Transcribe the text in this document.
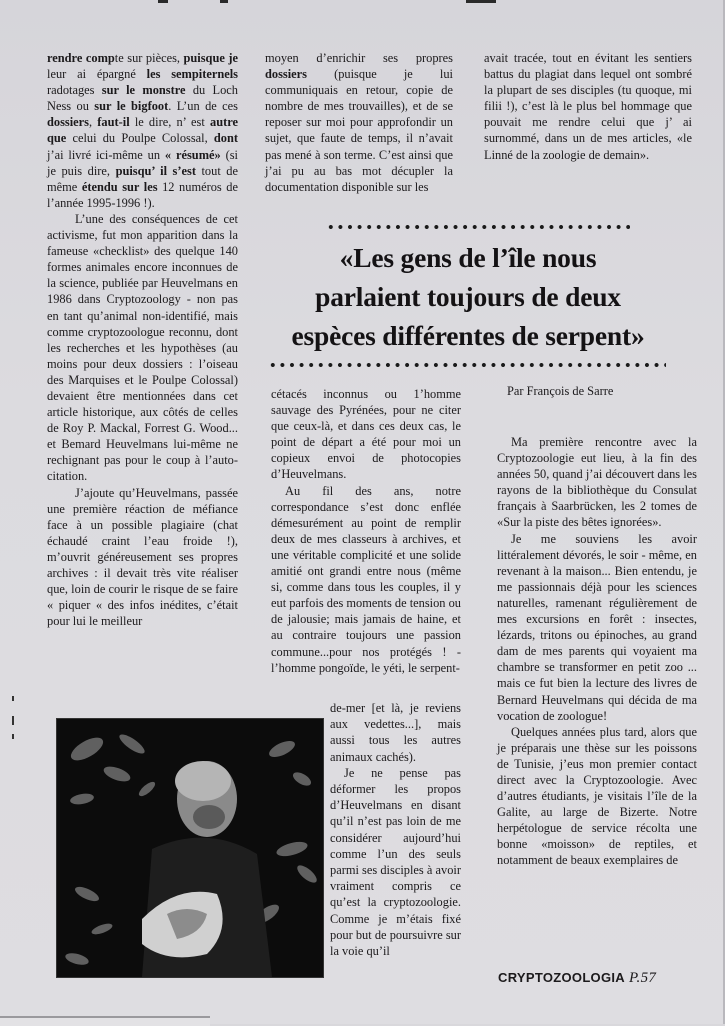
rendre compte sur pièces, puisque je leur ai épargné les sempiternels radotages sur le monstre du Loch Ness ou sur le bigfoot. L’un de ces dossiers, faut-il le dire, n’ est autre que celui du Poulpe Colossal, dont j’ai livré ici-même un « résumé» (si je puis dire, puisqu’ il s’est tout de même étendu sur les 12 numéros de l’année 1995-1996 !).

L’une des conséquences de cet activisme, fut mon apparition dans la fameuse «checklist» des quelque 140 formes animales encore inconnues de la science, publiée par Heuvelmans en 1986 dans Cryptozoology - non pas en tant qu’animal non-identifié, mais comme cryptozoologue reconnu, dont les recherches et les hypothèses (au moins pour deux dossiers : l’oiseau des Marquises et le Poulpe Colossal) devaient être mentionnées dans cet article historique, aux côtés de celles de Roy P. Mackal, Forrest G. Wood... et Bemard Heuvelmans lui-même ne rechignant pas pour le coup à l’auto-citation.

J’ajoute qu’Heuvelmans, passée une première réaction de méfiance face à un possible plagiaire (chat échaudé craint l’eau froide !), m’ouvrit généreusement ses propres archives : il devait très vite réaliser que, loin de courir le risque de se faire « piquer « des infos inédites, c’était pour lui le meilleur

moyen d’enrichir ses propres dossiers (puisque je lui communiquais en retour, copie de nombre de mes trouvailles), et de se reposer sur moi pour approfondir un sujet, que faute de temps, il n’avait pas mené à son terme. C’est ainsi que j’ai pu au bas mot décupler la documentation disponible sur les

avait tracée, tout en évitant les sentiers battus du plagiat dans lequel ont sombré la plupart de ses disciples (tu quoque, mi filii !), c’est là le plus bel hommage que pouvait me rendre celui que j’ ai surnommé, dans un de mes articles, «le Linné de la zoologie de demain».

«Les gens de l’île nous
parlaient toujours de deux
espèces différentes de serpent»
Par François de Sarre

cétacés inconnus ou 1’homme sauvage des Pyrénées, pour ne citer que ceux-là, et dans ces deux cas, le point de départ a été pour moi un copieux envoi de photocopies d’Heuvelmans.

Au fil des ans, notre correspondance s’est donc enflée démesurément au point de remplir deux de mes classeurs à archives, et une véritable complicité et une solide amitié ont grandi entre nous (même si, comme dans tous les couples, il y eut parfois des moments de tension ou de jalousie; mais jamais de haine, et au contraire toujours une passion commune...pour nos protégés ! - l’homme pongoïde, le yéti, le serpent-

de-mer [et là, je reviens aux vedettes...], mais aussi tous les autres animaux cachés).

Je ne pense pas déformer les propos d’Heuvelmans en disant qu’il n’est pas loin de me considérer aujourd’hui comme l’un des seuls parmi ses disciples à avoir vraiment compris ce qu’est la cryptozoologie. Comme je m’étais fixé pour but de poursuivre sur la voie qu’il

Ma première rencontre avec la Cryptozoologie eut lieu, à la fin des années 50, quand j’ai découvert dans les rayons de la bibliothèque du Consulat français à Saarbrücken, les 2 tomes de «Sur la piste des bêtes ignorées».

Je me souviens les avoir littéralement dévorés, le soir - même, en revenant à la maison... Bien entendu, je me passionnais déjà pour les sciences naturelles, ramenant régulièrement de mes excursions en forêt : insectes, lézards, tritons ou épinoches, au grand dam de mes parents qui voyaient ma chambre se transformer en petit zoo ... mais ce fut bien la lecture des livres de Bernard Heuvelmans qui décida de ma vocation de zoologue!

Quelques années plus tard, alors que je préparais une thèse sur les poissons de Tunisie, j’eus mon premier contact direct avec la Cryptozoologie. Avec d’autres étudiants, je visitais l’île de la Galite, au large de Bizerte. Notre herpétologue de service récolta une bonne «moisson» de reptiles, et notamment de beaux exemplaires de

CRYPTOZOOLOGIA P.57
